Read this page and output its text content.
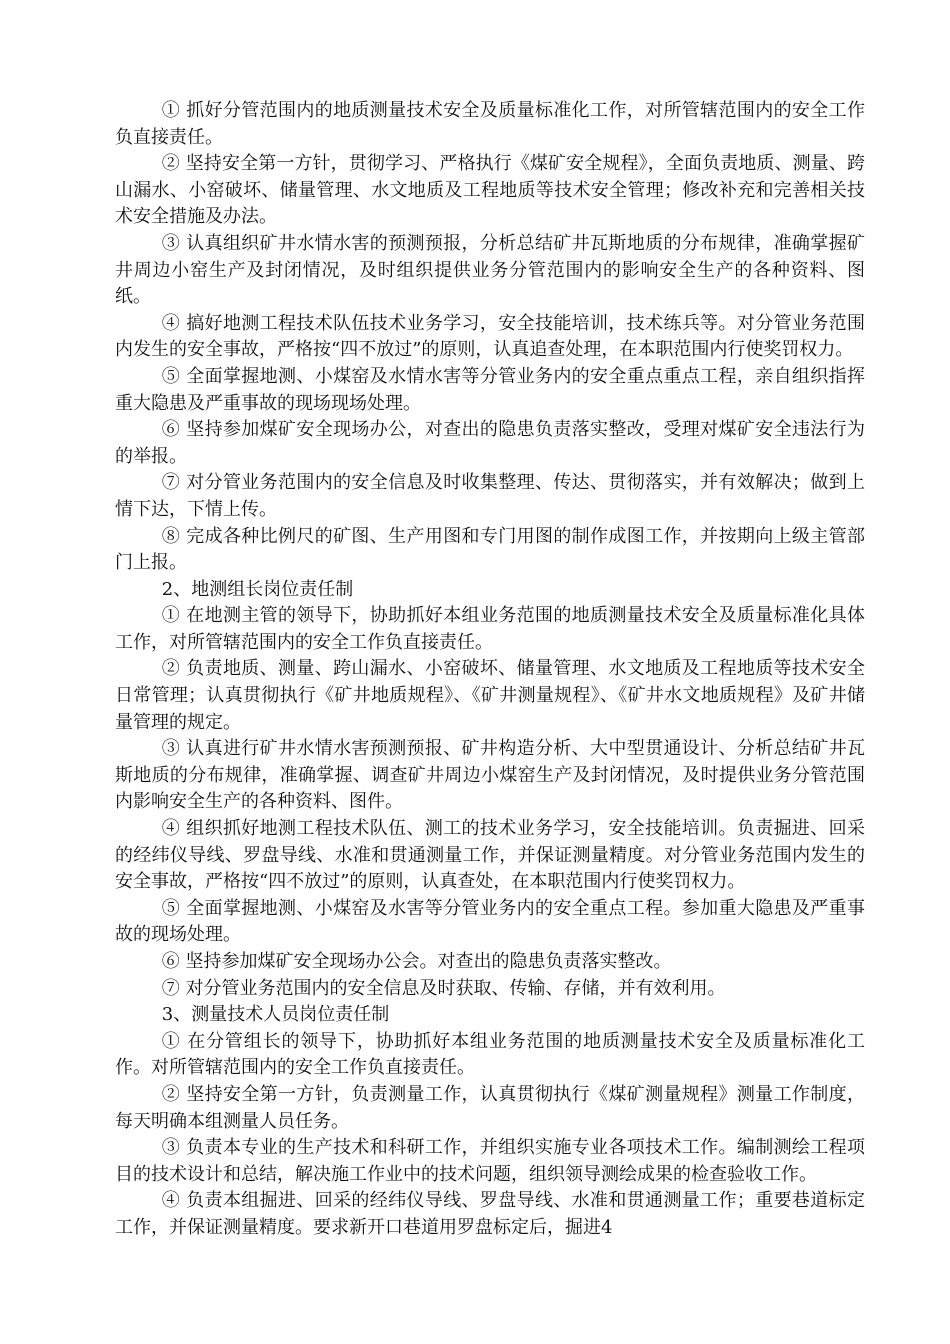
① 抓好分管范围内的地质测量技术安全及质量标准化工作，对所管辖范围内的安全工作负直接责任。

② 坚持安全第一方针，贯彻学习、严格执行《煤矿安全规程》，全面负责地质、测量、跨山漏水、小窑破坏、储量管理、水文地质及工程地质等技术安全管理；修改补充和完善相关技术安全措施及办法。

③ 认真组织矿井水情水害的预测预报，分析总结矿井瓦斯地质的分布规律，准确掌握矿井周边小窑生产及封闭情况，及时组织提供业务分管范围内的影响安全生产的各种资料、图纸。

④ 搞好地测工程技术队伍技术业务学习，安全技能培训，技术练兵等。对分管业务范围内发生的安全事故，严格按“四不放过”的原则，认真追查处理，在本职范围内行使奖罚权力。

⑤ 全面掌握地测、小煤窑及水情水害等分管业务内的安全重点重点工程，亲自组织指挥重大隐患及严重事故的现场现场处理。

⑥ 坚持参加煤矿安全现场办公，对查出的隐患负责落实整改，受理对煤矿安全违法行为的举报。

⑦ 对分管业务范围内的安全信息及时收集整理、传达、贯彻落实，并有效解决；做到上情下达，下情上传。

⑧ 完成各种比例尺的矿图、生产用图和专门用图的制作成图工作，并按期向上级主管部门上报。

2、地测组长岗位责任制

① 在地测主管的领导下，协助抓好本组业务范围的地质测量技术安全及质量标准化具体工作，对所管辖范围内的安全工作负直接责任。

② 负责地质、测量、跨山漏水、小窑破坏、储量管理、水文地质及工程地质等技术安全日常管理；认真贯彻执行《矿井地质规程》、《矿井测量规程》、《矿井水文地质规程》及矿井储量管理的规定。

③ 认真进行矿井水情水害预测预报、矿井构造分析、大中型贯通设计、分析总结矿井瓦斯地质的分布规律，准确掌握、调查矿井周边小煤窑生产及封闭情况，及时提供业务分管范围内影响安全生产的各种资料、图件。

④ 组织抓好地测工程技术队伍、测工的技术业务学习，安全技能培训。负责掘进、回采的经纬仪导线、罗盘导线、水准和贯通测量工作，并保证测量精度。对分管业务范围内发生的安全事故，严格按“四不放过”的原则，认真查处，在本职范围内行使奖罚权力。

⑤ 全面掌握地测、小煤窑及水害等分管业务内的安全重点工程。参加重大隐患及严重事故的现场处理。

⑥ 坚持参加煤矿安全现场办公会。对查出的隐患负责落实整改。

⑦ 对分管业务范围内的安全信息及时获取、传输、存储，并有效利用。

3、测量技术人员岗位责任制

① 在分管组长的领导下，协助抓好本组业务范围的地质测量技术安全及质量标准化工作。对所管辖范围内的安全工作负直接责任。

② 坚持安全第一方针，负责测量工作，认真贯彻执行《煤矿测量规程》测量工作制度，每天明确本组测量人员任务。

③ 负责本专业的生产技术和科研工作，并组织实施专业各项技术工作。编制测绘工程项目的技术设计和总结，解决施工作业中的技术问题，组织领导测绘成果的检查验收工作。

④ 负责本组掘进、回采的经纬仪导线、罗盘导线、水准和贯通测量工作；重要巷道标定工作，并保证测量精度。要求新开口巷道用罗盘标定后，掘进4
